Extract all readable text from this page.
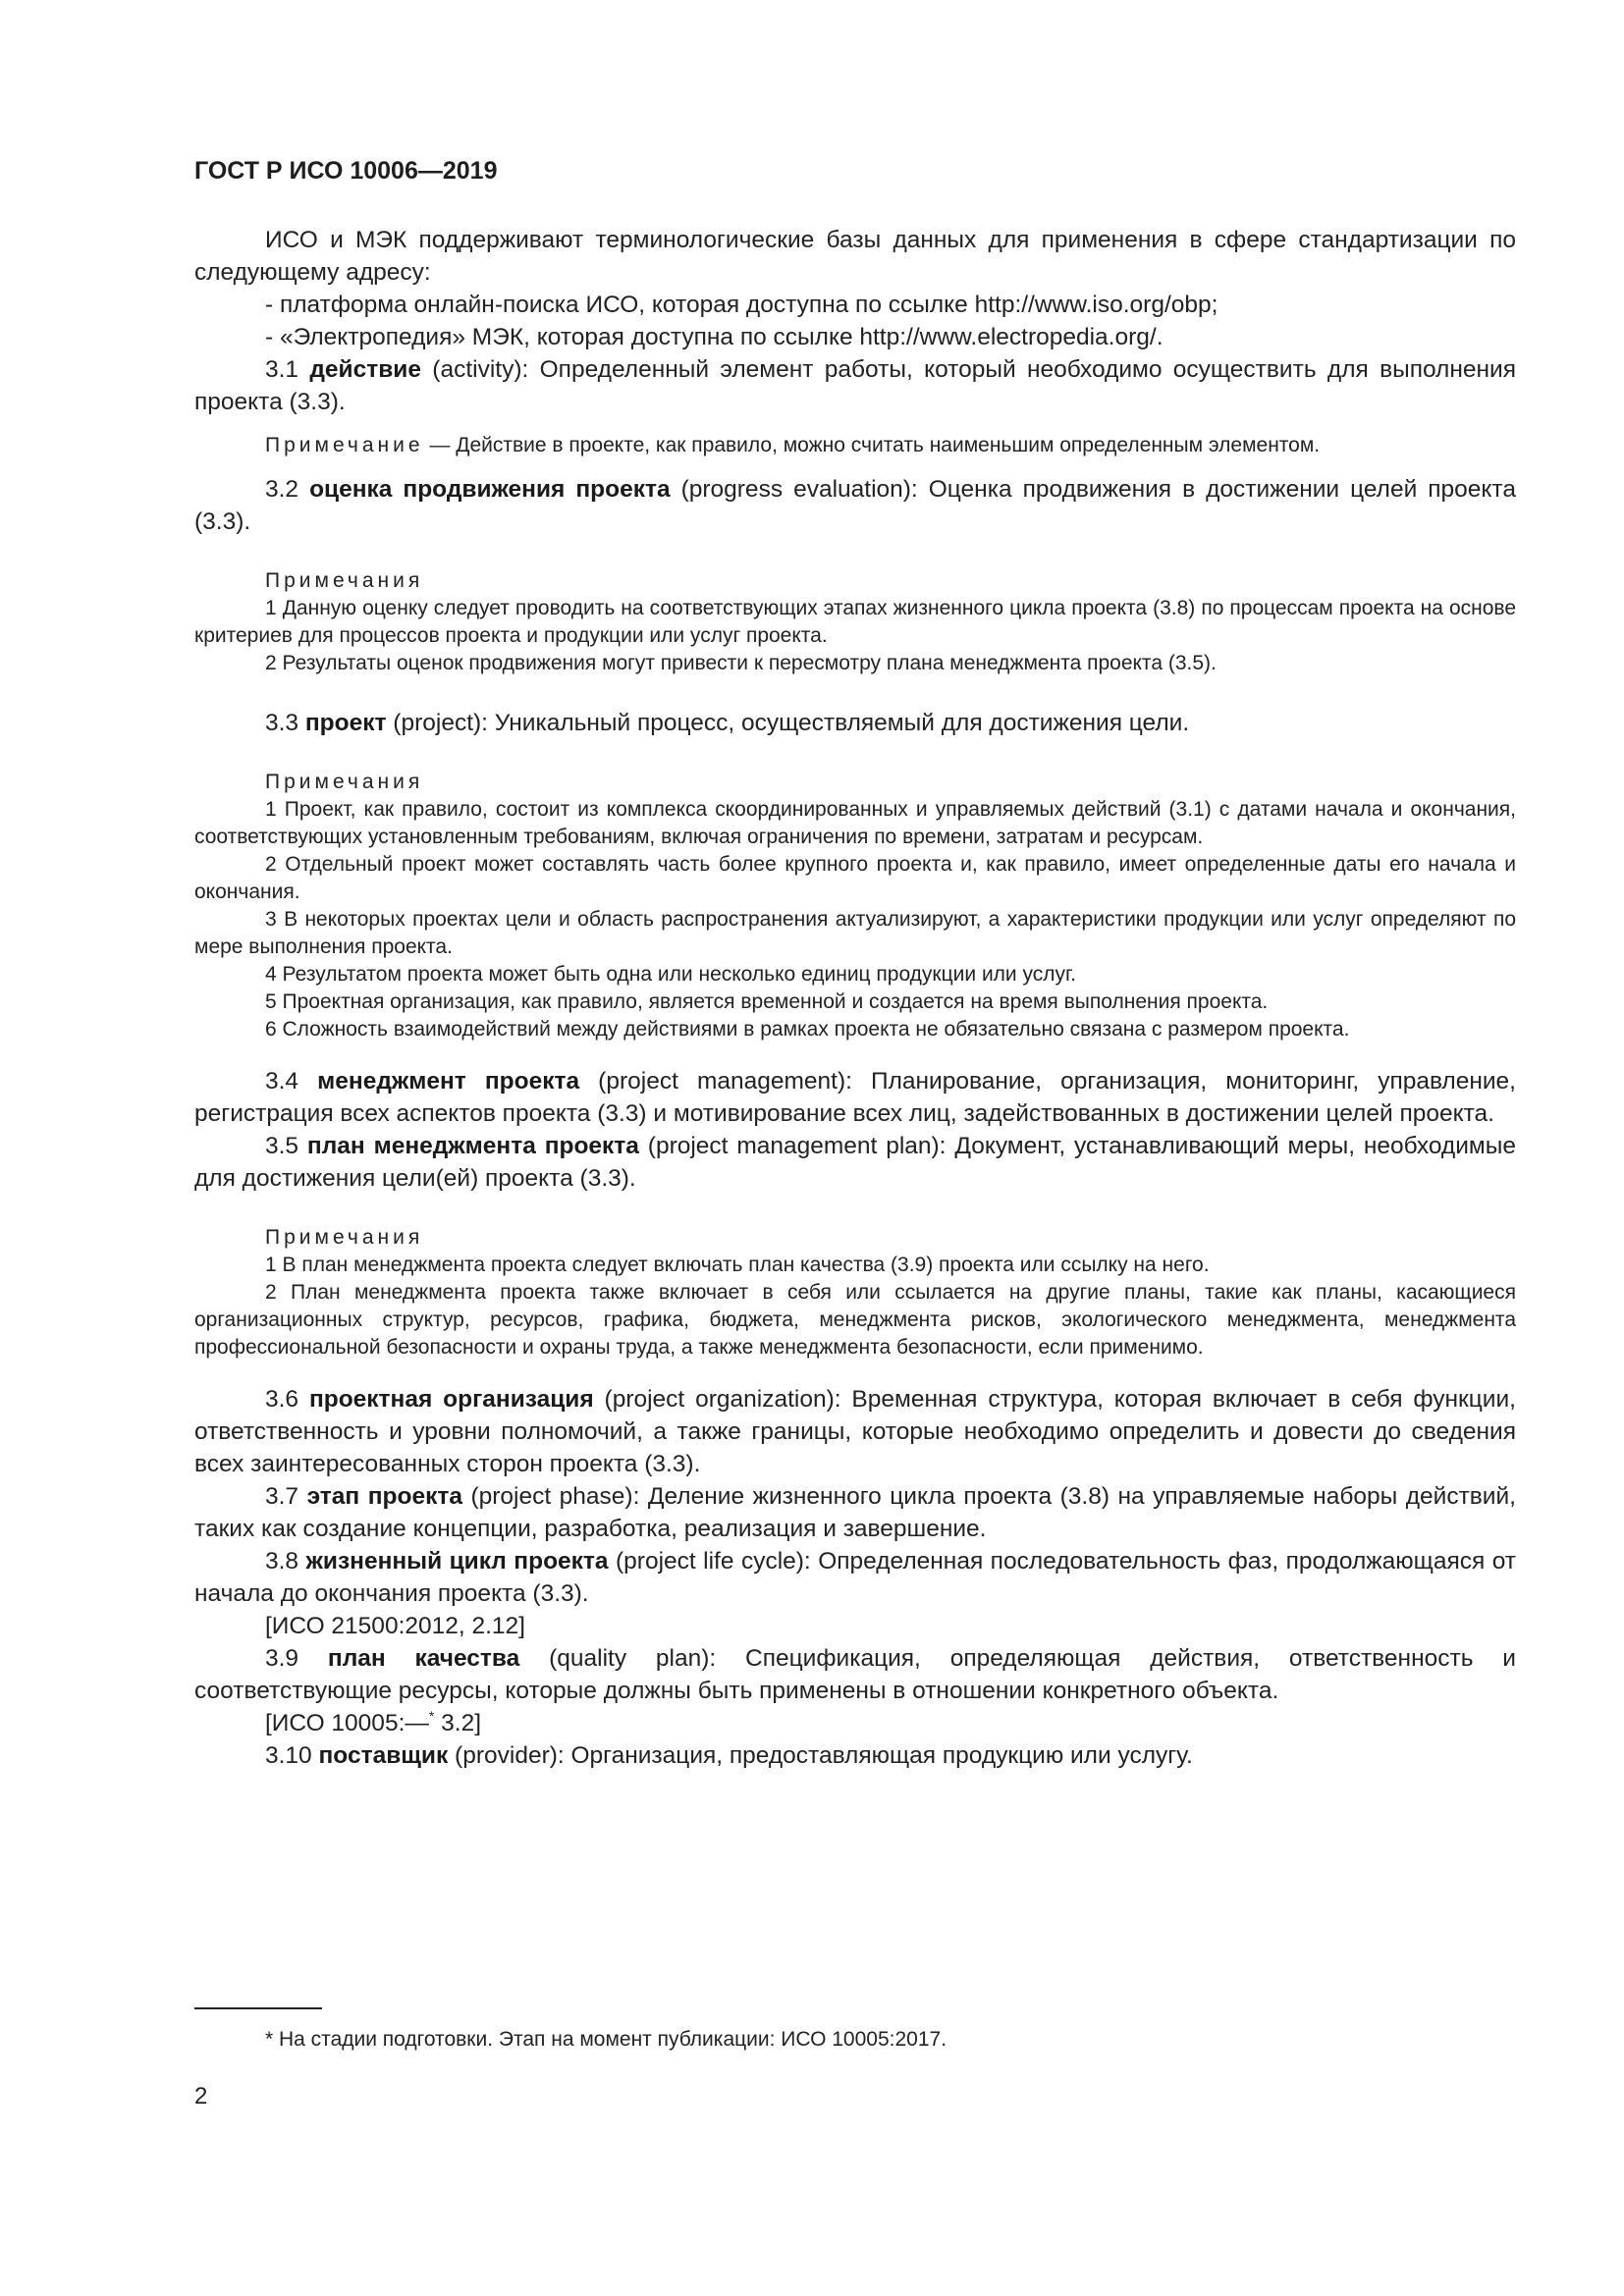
ГОСТ Р ИСО 10006—2019

ИСО и МЭК поддерживают терминологические базы данных для применения в сфере стандартизации по следующему адресу:

- платформа онлайн-поиска ИСО, которая доступна по ссылке http://www.iso.org/obp;

- «Электропедия» МЭК, которая доступна по ссылке http://www.electropedia.org/.

3.1 действие (activity): Определенный элемент работы, который необходимо осуществить для выполнения проекта (3.3).

Примечание — Действие в проекте, как правило, можно считать наименьшим определенным элементом.

3.2 оценка продвижения проекта (progress evaluation): Оценка продвижения в достижении целей проекта (3.3).

Примечания

1 Данную оценку следует проводить на соответствующих этапах жизненного цикла проекта (3.8) по процессам проекта на основе критериев для процессов проекта и продукции или услуг проекта.

2 Результаты оценок продвижения могут привести к пересмотру плана менеджмента проекта (3.5).

3.3 проект (project): Уникальный процесс, осуществляемый для достижения цели.

Примечания

1 Проект, как правило, состоит из комплекса скоординированных и управляемых действий (3.1) с датами начала и окончания, соответствующих установленным требованиям, включая ограничения по времени, затратам и ресурсам.

2 Отдельный проект может составлять часть более крупного проекта и, как правило, имеет определенные даты его начала и окончания.

3 В некоторых проектах цели и область распространения актуализируют, а характеристики продукции или услуг определяют по мере выполнения проекта.

4 Результатом проекта может быть одна или несколько единиц продукции или услуг.

5 Проектная организация, как правило, является временной и создается на время выполнения проекта.

6 Сложность взаимодействий между действиями в рамках проекта не обязательно связана с размером проекта.

3.4 менеджмент проекта (project management): Планирование, организация, мониторинг, управление, регистрация всех аспектов проекта (3.3) и мотивирование всех лиц, задействованных в достижении целей проекта.

3.5 план менеджмента проекта (project management plan): Документ, устанавливающий меры, необходимые для достижения цели(ей) проекта (3.3).

Примечания

1 В план менеджмента проекта следует включать план качества (3.9) проекта или ссылку на него.

2 План менеджмента проекта также включает в себя или ссылается на другие планы, такие как планы, касающиеся организационных структур, ресурсов, графика, бюджета, менеджмента рисков, экологического менеджмента, менеджмента профессиональной безопасности и охраны труда, а также менеджмента безопасности, если применимо.

3.6 проектная организация (project organization): Временная структура, которая включает в себя функции, ответственность и уровни полномочий, а также границы, которые необходимо определить и довести до сведения всех заинтересованных сторон проекта (3.3).

3.7 этап проекта (project phase): Деление жизненного цикла проекта (3.8) на управляемые наборы действий, таких как создание концепции, разработка, реализация и завершение.

3.8 жизненный цикл проекта (project life cycle): Определенная последовательность фаз, продолжающаяся от начала до окончания проекта (3.3).

[ИСО 21500:2012, 2.12]

3.9 план качества (quality plan): Спецификация, определяющая действия, ответственность и соответствующие ресурсы, которые должны быть применены в отношении конкретного объекта.

[ИСО 10005:—* 3.2]

3.10 поставщик (provider): Организация, предоставляющая продукцию или услугу.

* На стадии подготовки. Этап на момент публикации: ИСО 10005:2017.

2
